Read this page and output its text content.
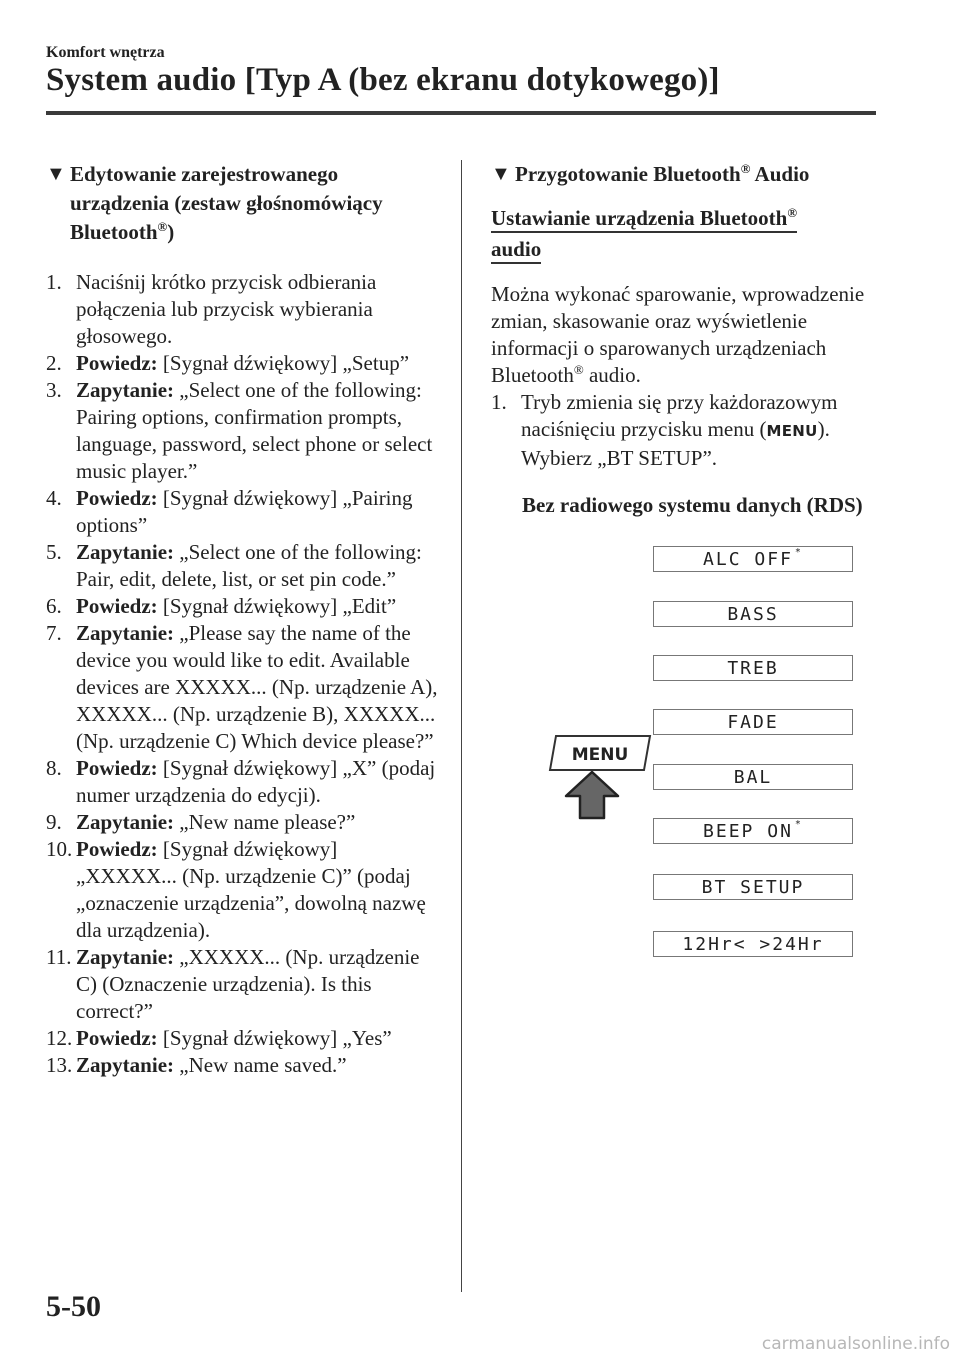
Komfort wnętrza
System audio [Typ A (bez ekranu dotykowego)]
▼ Edytowanie zarejestrowanego
urządzenia (zestaw głośnomówiący
Bluetooth®)
1. Naciśnij krótko przycisk odbierania połączenia lub przycisk wybierania głosowego.
2. Powiedz: [Sygnał dźwiękowy] „Setup”
3. Zapytanie: „Select one of the following: Pairing options, confirmation prompts, language, password, select phone or select music player.”
4. Powiedz: [Sygnał dźwiękowy] „Pairing options”
5. Zapytanie: „Select one of the following: Pair, edit, delete, list, or set pin code.”
6. Powiedz: [Sygnał dźwiękowy] „Edit”
7. Zapytanie: „Please say the name of the device you would like to edit. Available devices are XXXXX... (Np. urządzenie A), XXXXX... (Np. urządzenie B), XXXXX... (Np. urządzenie C) Which device please?”
8. Powiedz: [Sygnał dźwiękowy] „X” (podaj numer urządzenia do edycji).
9. Zapytanie: „New name please?”
10. Powiedz: [Sygnał dźwiękowy] „XXXXX... (Np. urządzenie C)” (podaj „oznaczenie urządzenia”, dowolną nazwę dla urządzenia).
11. Zapytanie: „XXXXX... (Np. urządzenie C) (Oznaczenie urządzenia). Is this correct?”
12. Powiedz: [Sygnał dźwiękowy] „Yes”
13. Zapytanie: „New name saved.”
▼ Przygotowanie Bluetooth® Audio
Ustawianie urządzenia Bluetooth®
audio
Można wykonać sparowanie, wprowadzenie zmian, skasowanie oraz wyświetlenie informacji o sparowanych urządzeniach Bluetooth® audio.
1. Tryb zmienia się przy każdorazowym naciśnięciu przycisku menu (MENU).
Wybierz „BT SETUP”.
Bez radiowego systemu danych (RDS)
ALC OFF*
BASS
TREB
FADE
BAL
BEEP ON*
BT SETUP
12Hr< >24Hr
MENU
5-50
carmanualsonline.info
